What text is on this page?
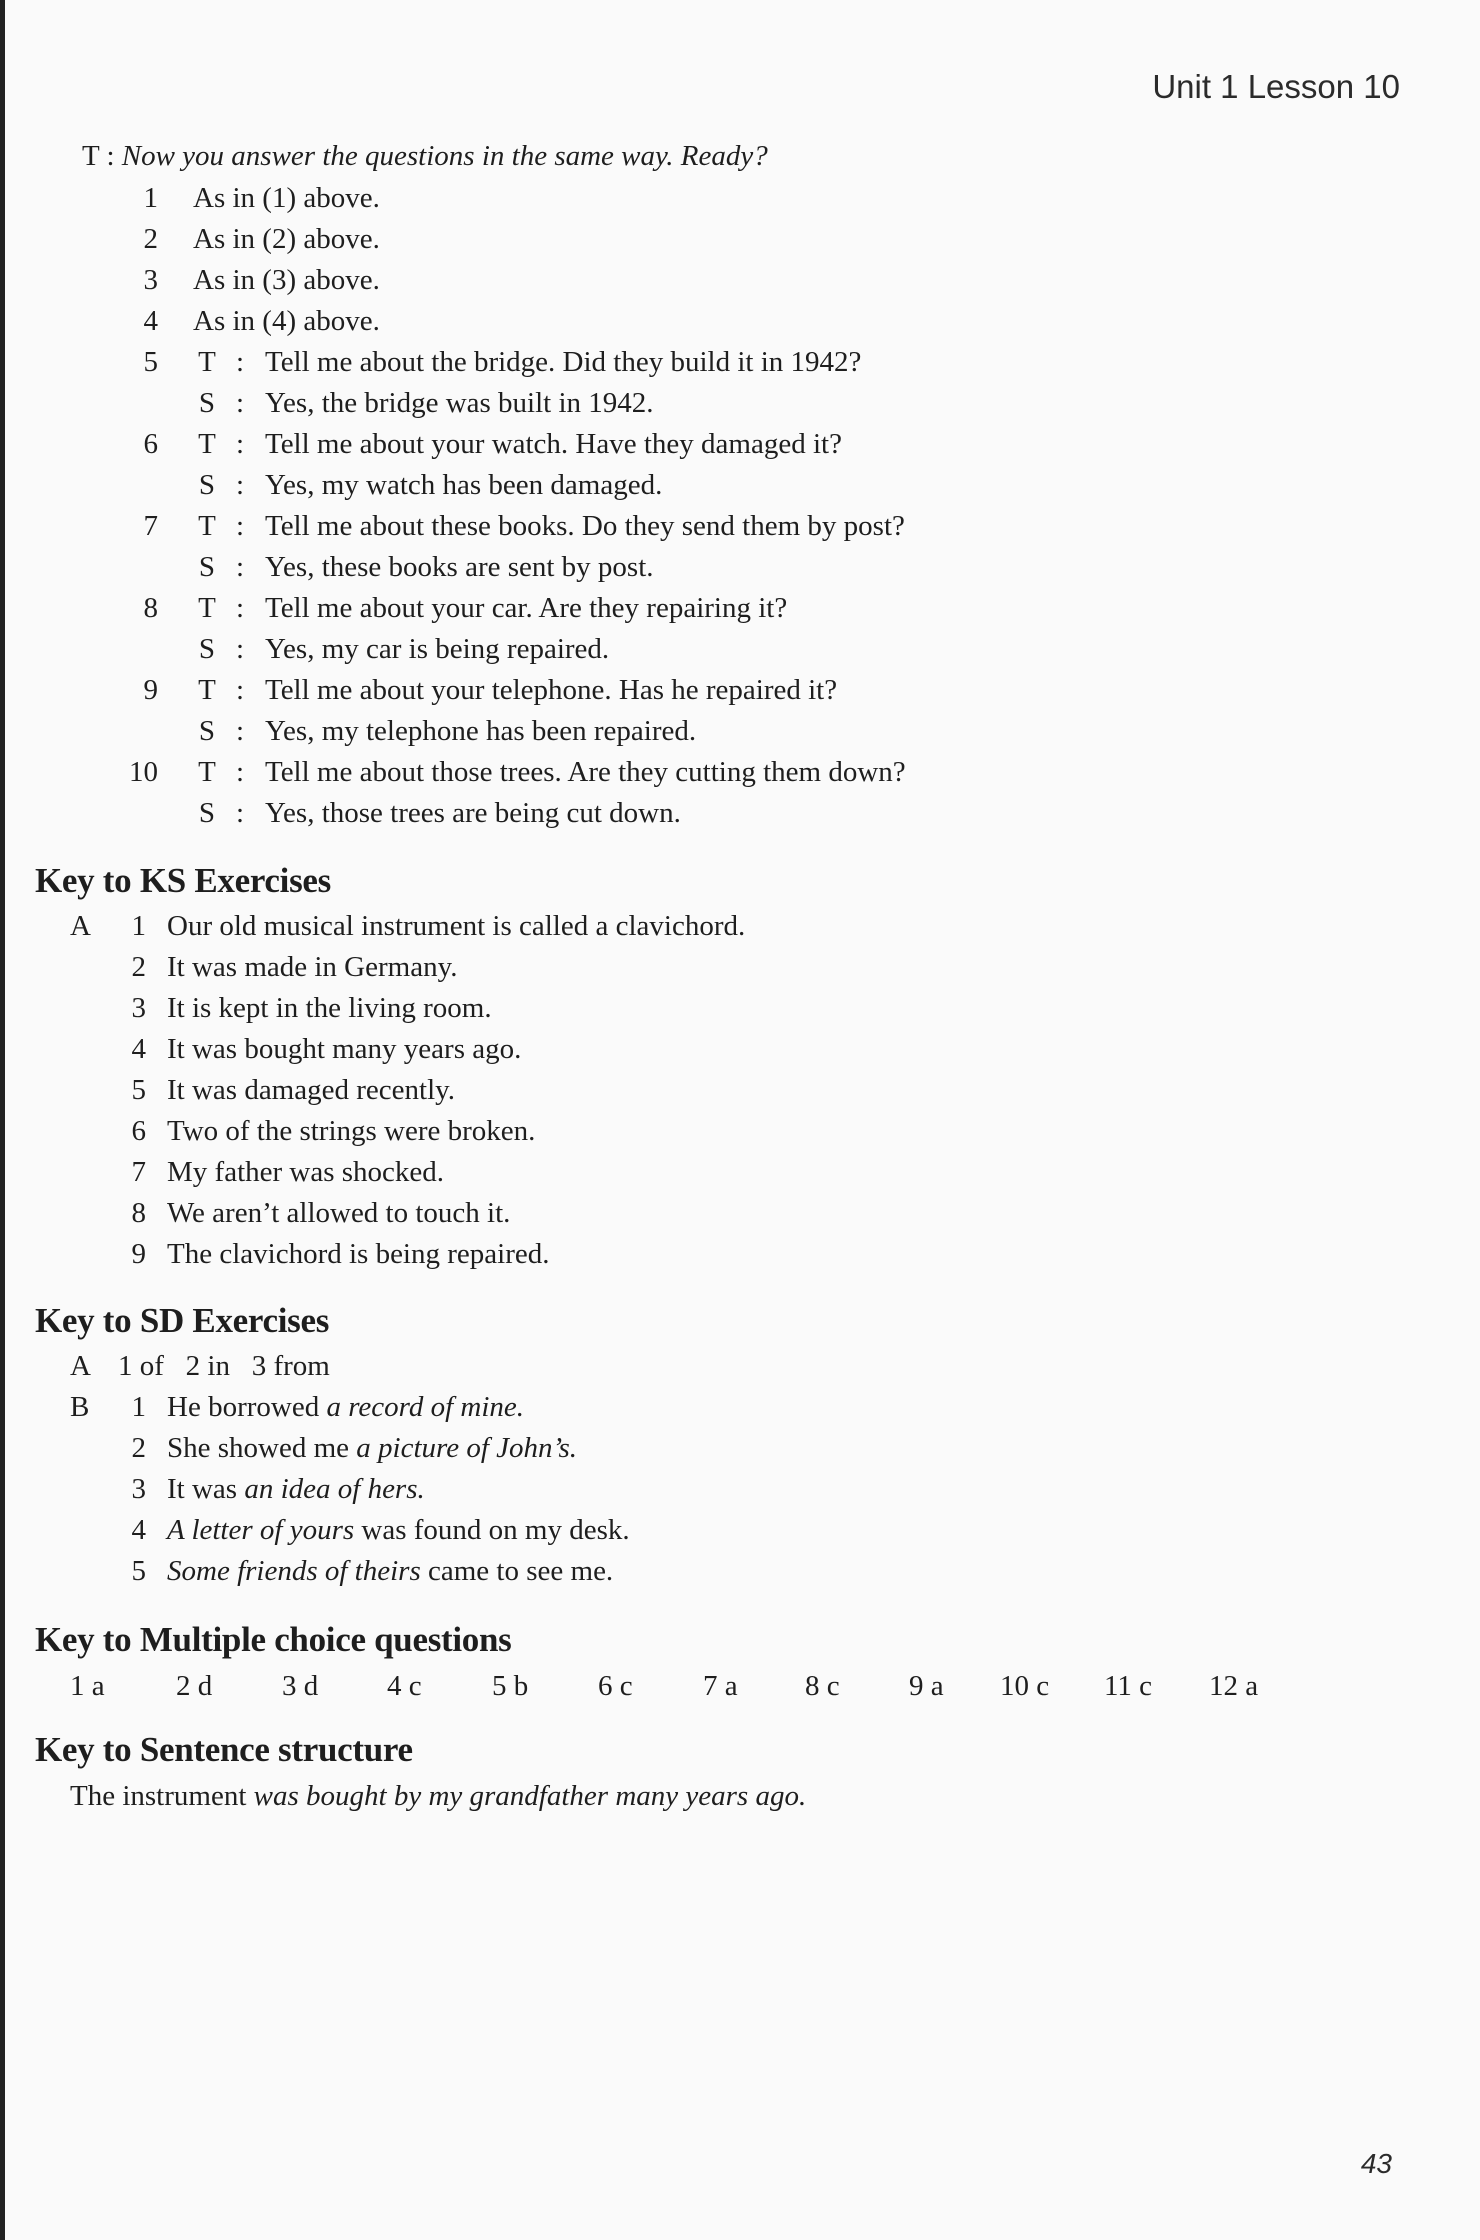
Unit 1 Lesson 10
T : Now you answer the questions in the same way. Ready?
1 As in (1) above.
2 As in (2) above.
3 As in (3) above.
4 As in (4) above.
5 T : Tell me about the bridge. Did they build it in 1942?
S : Yes, the bridge was built in 1942.
6 T : Tell me about your watch. Have they damaged it?
S : Yes, my watch has been damaged.
7 T : Tell me about these books. Do they send them by post?
S : Yes, these books are sent by post.
8 T : Tell me about your car. Are they repairing it?
S : Yes, my car is being repaired.
9 T : Tell me about your telephone. Has he repaired it?
S : Yes, my telephone has been repaired.
10 T : Tell me about those trees. Are they cutting them down?
S : Yes, those trees are being cut down.
Key to KS Exercises
A	1 Our old musical instrument is called a clavichord.
2 It was made in Germany.
3 It is kept in the living room.
4 It was bought many years ago.
5 It was damaged recently.
6 Two of the strings were broken.
7 My father was shocked.
8 We aren’t allowed to touch it.
9 The clavichord is being repaired.
Key to SD Exercises
A 1 of   2 in   3 from
B	1 He borrowed a record of mine.
2 She showed me a picture of John’s.
3 It was an idea of hers.
4 A letter of yours was found on my desk.
5 Some friends of theirs came to see me.
Key to Multiple choice questions
1 a 2 d 3 d 4 c 5 b 6 c 7 a 8 c 9 a 10 c 11 c 12 a
Key to Sentence structure
The instrument was bought by my grandfather many years ago.
43
